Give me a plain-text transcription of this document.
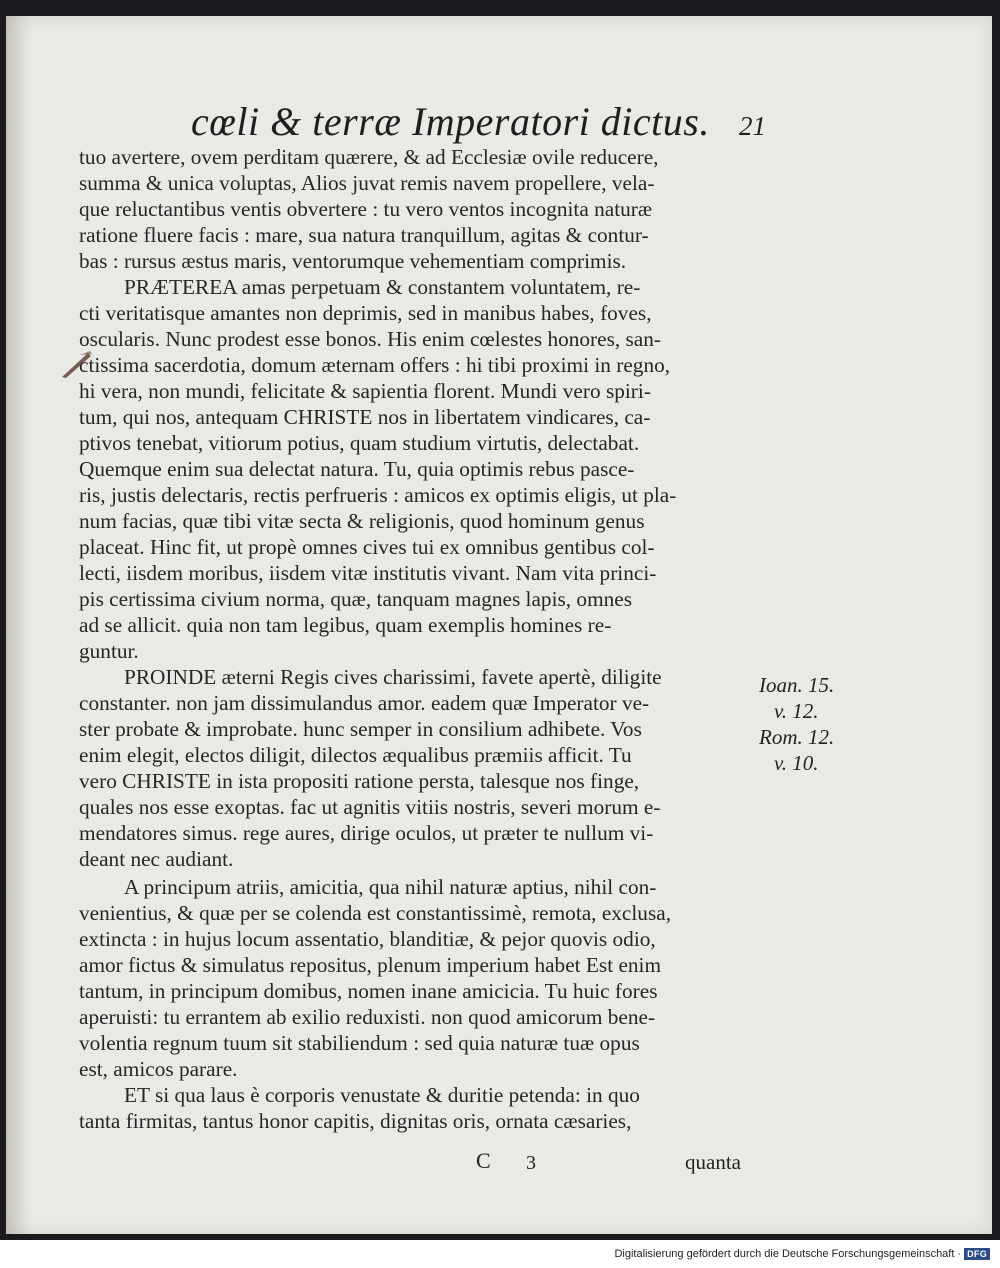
cœli & terræ Imperatori dictus. 21
tuo avertere, ovem perditam quærere, & ad Ecclesiæ ovile reducere,
summa & unica voluptas, Alios juvat remis navem propellere, vela-
que reluctantibus ventis obvertere : tu vero ventos incognita naturæ
ratione fluere facis : mare, sua natura tranquillum, agitas & contur-
bas : rursus æstus maris, ventorumque vehementiam comprimis.
PRÆTEREA amas perpetuam & constantem voluntatem, re-
cti veritatisque amantes non deprimis, sed in manibus habes, foves,
oscularis. Nunc prodest esse bonos. His enim cœlestes honores, san-
ctissima sacerdotia, domum æternam offers : hi tibi proximi in regno,
hi vera, non mundi, felicitate & sapientia florent. Mundi vero spiri-
tum, qui nos, antequam CHRISTE nos in libertatem vindicares, ca-
ptivos tenebat, vitiorum potius, quam studium virtutis, delectabat.
Quemque enim sua delectat natura. Tu, quia optimis rebus pasce-
ris, justis delectaris, rectis perfrueris : amicos ex optimis eligis, ut pla-
num facias, quæ tibi vitæ secta & religionis, quod hominum genus
placeat. Hinc fit, ut propè omnes cives tui ex omnibus gentibus col-
lecti, iisdem moribus, iisdem vitæ institutis vivant. Nam vita princi-
pis certissima civium norma, quæ, tanquam magnes lapis, omnes
ad se allicit. quia non tam legibus, quam exemplis homines re-
guntur.
PROINDE æterni Regis cives charissimi, favete apertè, diligite
constanter. non jam dissimulandus amor. eadem quæ Imperator ve-
ster probate & improbate. hunc semper in consilium adhibete. Vos
enim elegit, electos diligit, dilectos æqualibus præmiis afficit. Tu
vero CHRISTE in ista propositi ratione persta, talesque nos finge,
quales nos esse exoptas. fac ut agnitis vitiis nostris, severi morum e-
mendatores simus. rege aures, dirige oculos, ut præter te nullum vi-
deant nec audiant.
A principum atriis, amicitia, qua nihil naturæ aptius, nihil con-
venientius, & quæ per se colenda est constantissimè, remota, exclusa,
extincta : in hujus locum assentatio, blanditiæ, & pejor quovis odio,
amor fictus & simulatus repositus, plenum imperium habet Est enim
tantum, in principum domibus, nomen inane amicicia. Tu huic fores
aperuisti: tu errantem ab exilio reduxisti. non quod amicorum bene-
volentia regnum tuum sit stabiliendum : sed quia naturæ tuæ opus
est, amicos parare.
ET si qua laus è corporis venustate & duritie petenda: in quo
tanta firmitas, tantus honor capitis, dignitas oris, ornata cæsaries,
Ioan. 15.
v. 12.
Rom. 12.
v. 10.
C 3	quanta
Digitalisierung gefördert durch die Deutsche Forschungsgemeinschaft · DFG
